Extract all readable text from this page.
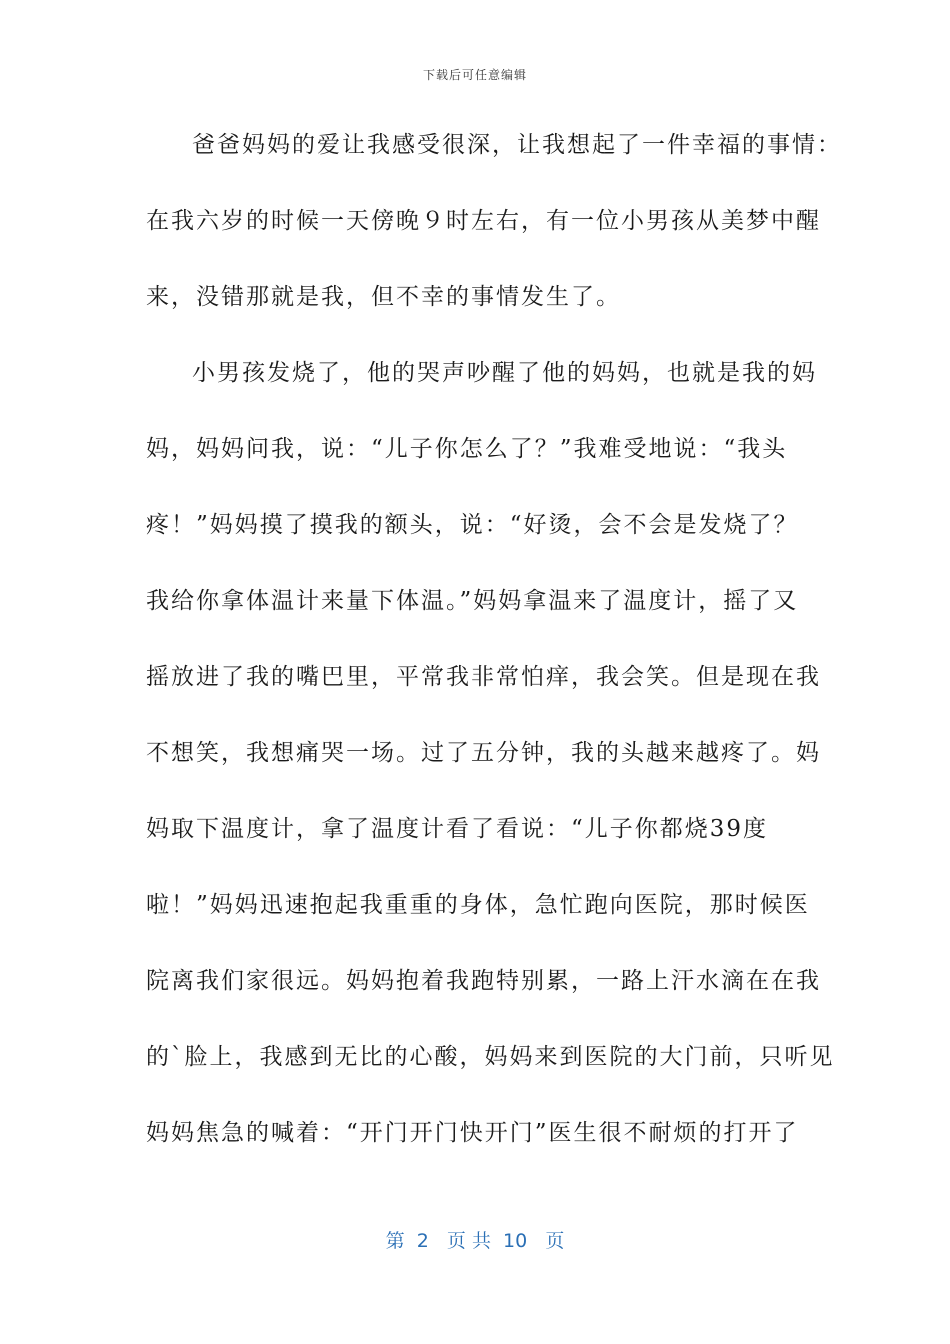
下载后可任意编辑
爸爸妈妈的爱让我感受很深，让我想起了一件幸福的事情：
在我六岁的时候一天傍晚９时左右，有一位小男孩从美梦中醒
来，没错那就是我，但不幸的事情发生了。
小男孩发烧了，他的哭声吵醒了他的妈妈，也就是我的妈
妈，妈妈问我，说：“儿子你怎么了？”我难受地说：“我头
疼！”妈妈摸了摸我的额头，说：“好烫，会不会是发烧了？
我给你拿体温计来量下体温。”妈妈拿温来了温度计，摇了又
摇放进了我的嘴巴里，平常我非常怕痒，我会笑。但是现在我
不想笑，我想痛哭一场。过了五分钟，我的头越来越疼了。妈
妈取下温度计，拿了温度计看了看说：“儿子你都烧39度
啦！”妈妈迅速抱起我重重的身体，急忙跑向医院，那时候医
院离我们家很远。妈妈抱着我跑特别累，一路上汗水滴在在我
的`脸上，我感到无比的心酸，妈妈来到医院的大门前，只听见
妈妈焦急的喊着：“开门开门快开门”医生很不耐烦的打开了
第  2   页 共  10   页
